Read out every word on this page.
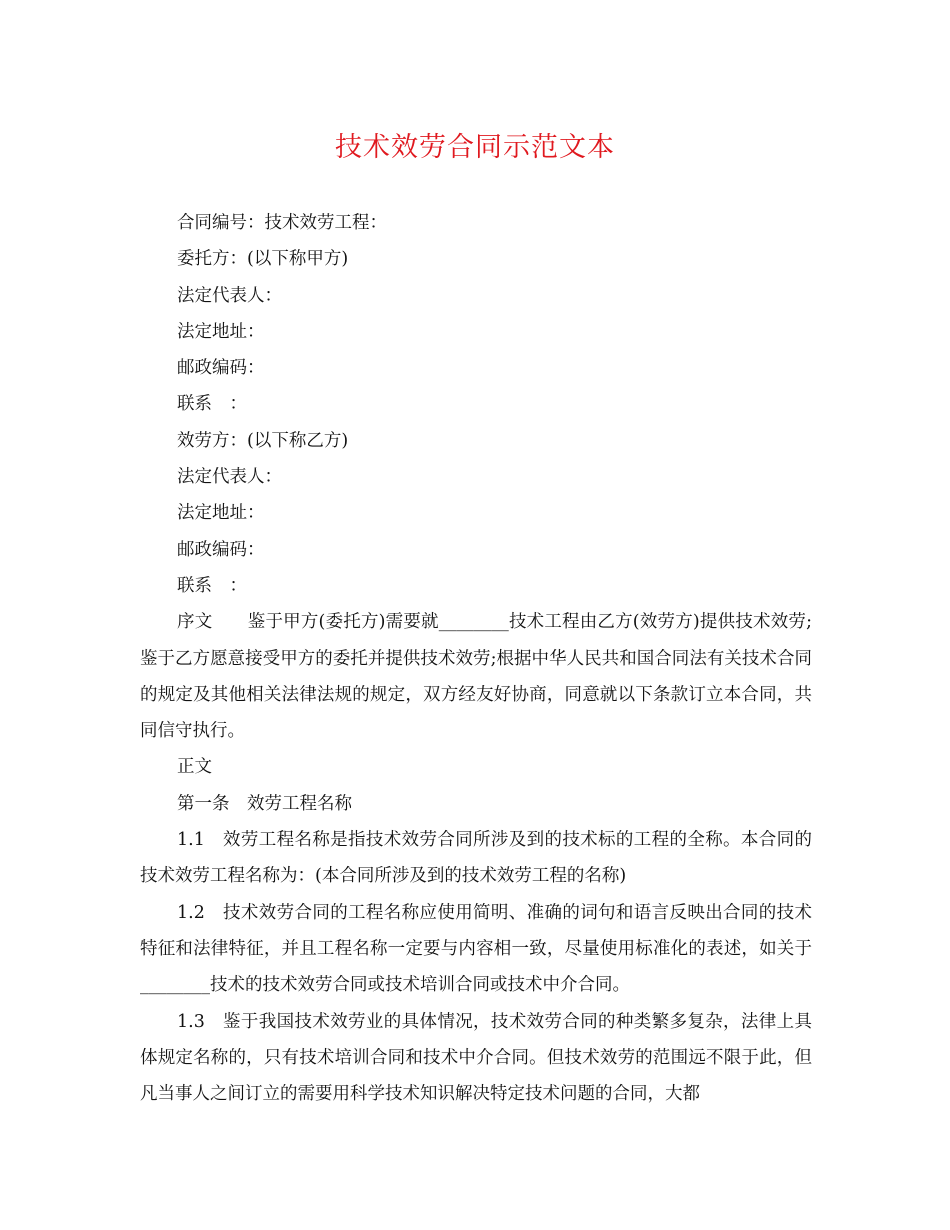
技术效劳合同示范文本
合同编号：技术效劳工程：
委托方：(以下称甲方)
法定代表人：
法定地址：
邮政编码：
联系　：
效劳方：(以下称乙方)
法定代表人：
法定地址：
邮政编码：
联系　：

序文　　鉴于甲方(委托方)需要就________技术工程由乙方(效劳方)提供技术效劳;鉴于乙方愿意接受甲方的委托并提供技术效劳;根据中华人民共和国合同法有关技术合同的规定及其他相关法律法规的规定，双方经友好协商，同意就以下条款订立本合同，共同信守执行。

正文
第一条　效劳工程名称

1.1　效劳工程名称是指技术效劳合同所涉及到的技术标的工程的全称。本合同的技术效劳工程名称为：(本合同所涉及到的技术效劳工程的名称)

1.2　技术效劳合同的工程名称应使用简明、准确的词句和语言反映出合同的技术特征和法律特征，并且工程名称一定要与内容相一致，尽量使用标准化的表述，如关于________技术的技术效劳合同或技术培训合同或技术中介合同。

1.3　鉴于我国技术效劳业的具体情况，技术效劳合同的种类繁多复杂，法律上具体规定名称的，只有技术培训合同和技术中介合同。但技术效劳的范围远不限于此，但凡当事人之间订立的需要用科学技术知识解决特定技术问题的合同，大都
